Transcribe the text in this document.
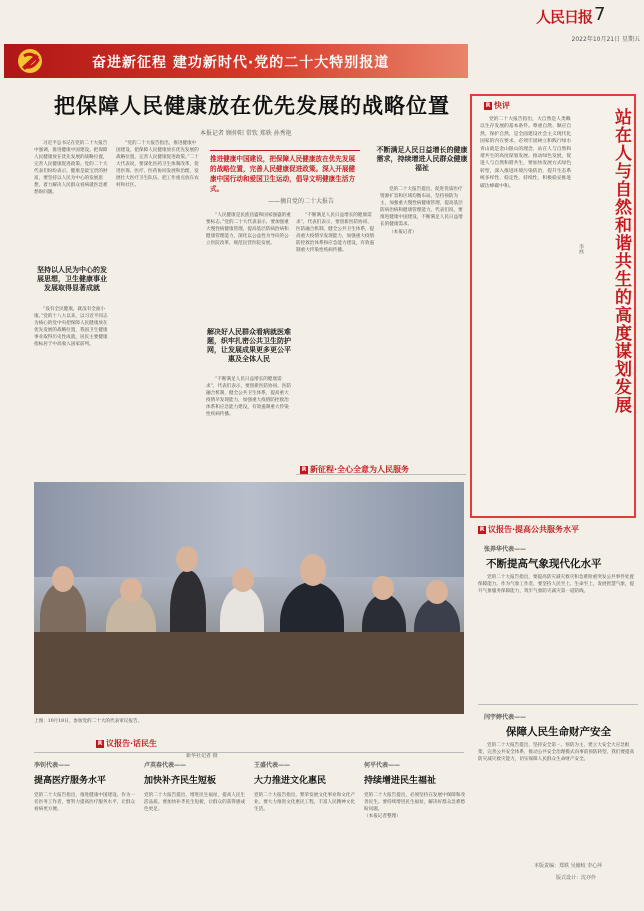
人民日报 7
2022年10月21日 星期五
奋进新征程 建功新时代·党的二十大特别报道
把保障人民健康放在优先发展的战略位置
本报记者 顾仲阳 常钦 郑轶 孙秀艳

习近平总书记在党的二十大报告中强调，推进健康中国建设。把保障人民健康放在优先发展的战略位置，完善人民健康促进政策。党的二十大代表们纷纷表示，健康是最宝贵的财富，要坚持以人民为中心的发展思想，着力解决人民群众看病就医急难愁盼问题。

坚持以人民为中心的发展思想，卫生健康事业发展取得显著成就

“没有全民健康，就没有全面小康。”党的十八大以来，以习近平同志为核心的党中央把保障人民健康放在优先发展的战略位置，我国卫生健康事业取得历史性成就，居民主要健康指标居于中高收入国家前列。

“党的二十大报告指出，推进健康中国建设，把保障人民健康放在优先发展的战略位置，完善人民健康促进政策。”二十大代表说，要深化医药卫生体制改革，促进医保、医疗、医药协同发展和治理，发展壮大医疗卫生队伍，把工作重点放在农村和社区。

推进健康中国建设，把保障人民健康放在优先发展的战略位置，完善人民健康促进政策。深入开展健康中国行动和爱国卫生运动，倡导文明健康生活方式。
——摘自党的二十大报告

“人民健康是民族昌盛和国家强盛的重要标志。”党的二十大代表表示，要加强重大慢性病健康管理，提高基层防病治病和健康管理能力，深化以公益性为导向的公立医院改革，规范民营医院发展。

解决好人民群众看病就医难题，织牢扎密公共卫生防护网，让发展成果更多更公平惠及全体人民

“不断满足人民日益增长的健康需求”，代表们表示，要创新医防协同、医防融合机制，健全公共卫生体系，提高重大疫情早发现能力，加强重大疫情防控救治体系和应急能力建设，有效遏制重大传染性疾病传播。

不断满足人民日益增长的健康需求，持续增进人民群众健康福祉

“不断满足人民日益增长的健康需求”，代表们表示，要创新医防协同、医防融合机制，健全公共卫生体系，提高重大疫情早发现能力，加强重大疫情防控救治体系和应急能力建设，有效遏制重大传染性疾病传播。

党的二十大报告提出，促进优质医疗资源扩容和区域均衡布局，坚持预防为主，加强重大慢性病健康管理，提高基层防病治病和健康管理能力。代表们说，要推进健康中国建设，不断满足人民日益增长的健康需求。

（本报记者）

R 新征程·全心全意为人民服务
上图：10月18日，参加党的二十大的代表审议报告。
新华社记者 摄
R 议报告·话民生
李钊代表——
提高医疗服务水平
党的二十大报告指出，推进健康中国建设。作为一名医务工作者，要努力提高医疗服务水平，让群众看病更方便。
卢英春代表——
加快补齐民生短板
党的二十大报告提出，增进民生福祉，提高人民生活品质。要加快补齐民生短板，让群众的获得感成色更足。
王盛代表——
大力推进文化惠民
党的二十大报告指出，繁荣发展文化事业和文化产业。要大力推进文化惠民工程，丰富人民精神文化生活。
何平代表——
持续增进民生福祉
党的二十大报告提出，必须坚持在发展中保障和改善民生。要持续增进民生福祉，解决好群众急难愁盼问题。
（本报记者整理）
R 快评
站在人与自然和谐共生的高度谋划发展
李拯

党的二十大报告指出，大自然是人类赖以生存发展的基本条件。尊重自然、顺应自然、保护自然，是全面建设社会主义现代化国家的内在要求。必须牢固树立和践行绿水青山就是金山银山的理念，站在人与自然和谐共生的高度谋划发展。推动绿色发展，促进人与自然和谐共生，要加快发展方式绿色转型，深入推进环境污染防治，提升生态系统多样性、稳定性、持续性，积极稳妥推进碳达峰碳中和。

R 议报告·提高公共服务水平
张养华代表——
不断提高气象现代化水平

党的二十大报告指出，要提高防灾减灾救灾和急难险重突发公共事件处置保障能力。作为气象工作者，要坚持人民至上、生命至上，发展智慧气象，提升气象服务保障能力，筑牢气象防灾减灾第一道防线。

闫宇婷代表——
保障人民生命财产安全

党的二十大报告提出，坚持安全第一、预防为主，建立大安全大应急框架，完善公共安全体系，推动公共安全治理模式向事前预防转型。我们要提高防灾减灾救灾能力，切实保障人民群众生命财产安全。

本版责编：郑轶 吴储岐 李心萍
版式设计：沈亦伶
